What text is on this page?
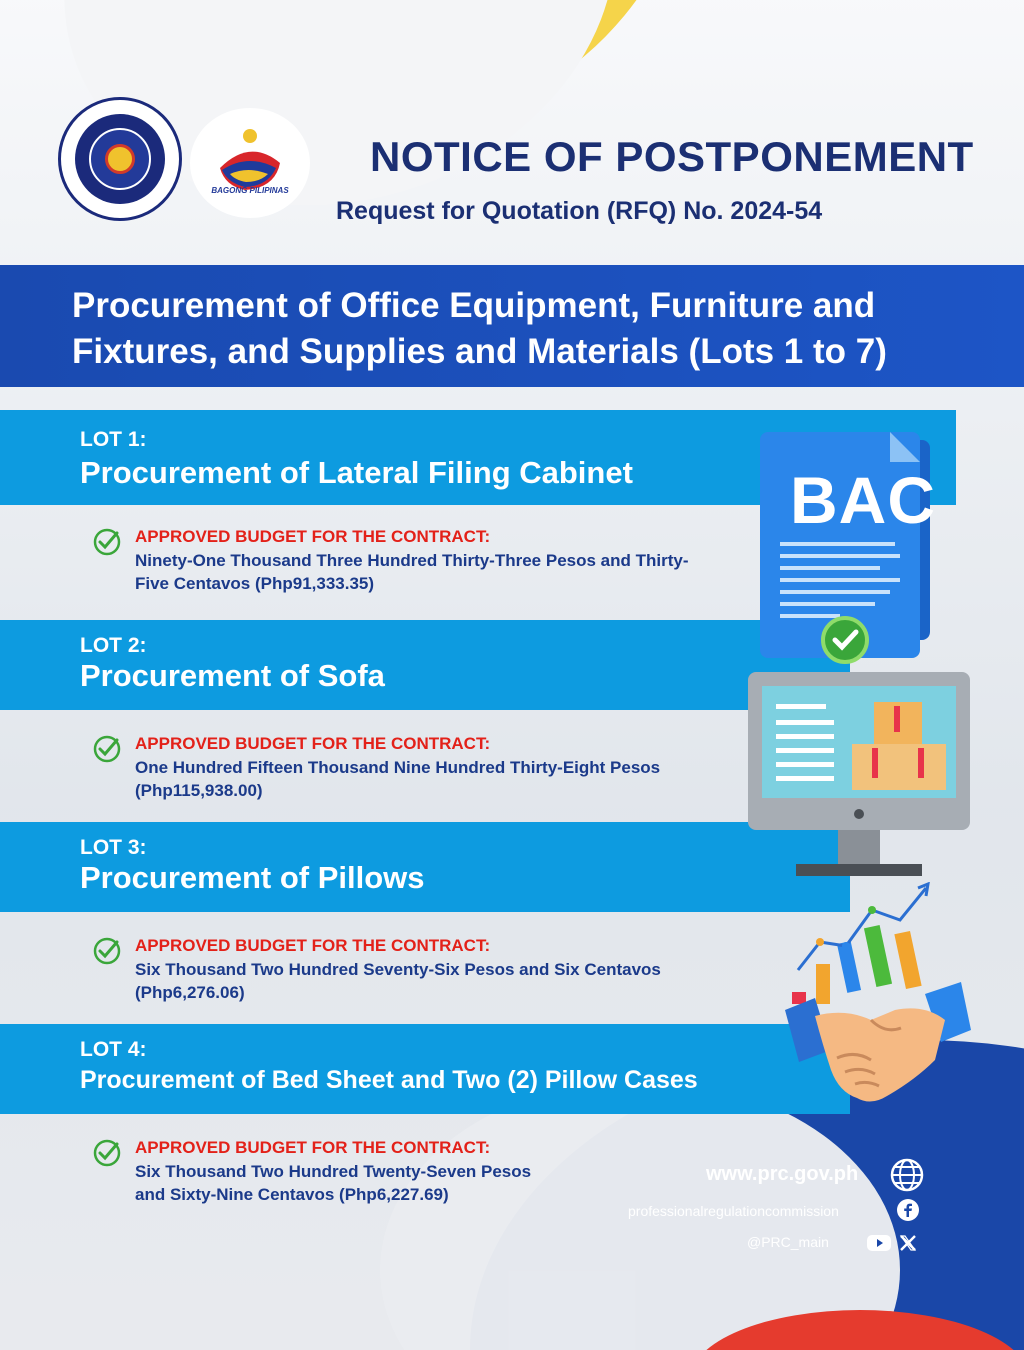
BAGONG PILIPINAS
NOTICE OF POSTPONEMENT
Request for Quotation (RFQ) No. 2024-54
Procurement of Office Equipment, Furniture and Fixtures, and Supplies and Materials (Lots 1 to 7)
LOT 1:
Procurement of Lateral Filing Cabinet
APPROVED BUDGET FOR THE CONTRACT:
Ninety-One Thousand Three Hundred Thirty-Three Pesos and Thirty-Five Centavos (Php91,333.35)
LOT 2:
Procurement of Sofa
APPROVED BUDGET FOR THE CONTRACT:
One Hundred Fifteen Thousand Nine Hundred Thirty-Eight Pesos (Php115,938.00)
LOT 3:
Procurement of Pillows
APPROVED BUDGET FOR THE CONTRACT:
Six Thousand Two Hundred Seventy-Six Pesos and Six Centavos (Php6,276.06)
LOT 4:
Procurement of Bed Sheet and Two (2) Pillow Cases
APPROVED BUDGET FOR THE CONTRACT:
Six Thousand Two Hundred Twenty-Seven Pesos and Sixty-Nine Centavos (Php6,227.69)
BAC
www.prc.gov.ph
professionalregulationcommission
@PRC_main
